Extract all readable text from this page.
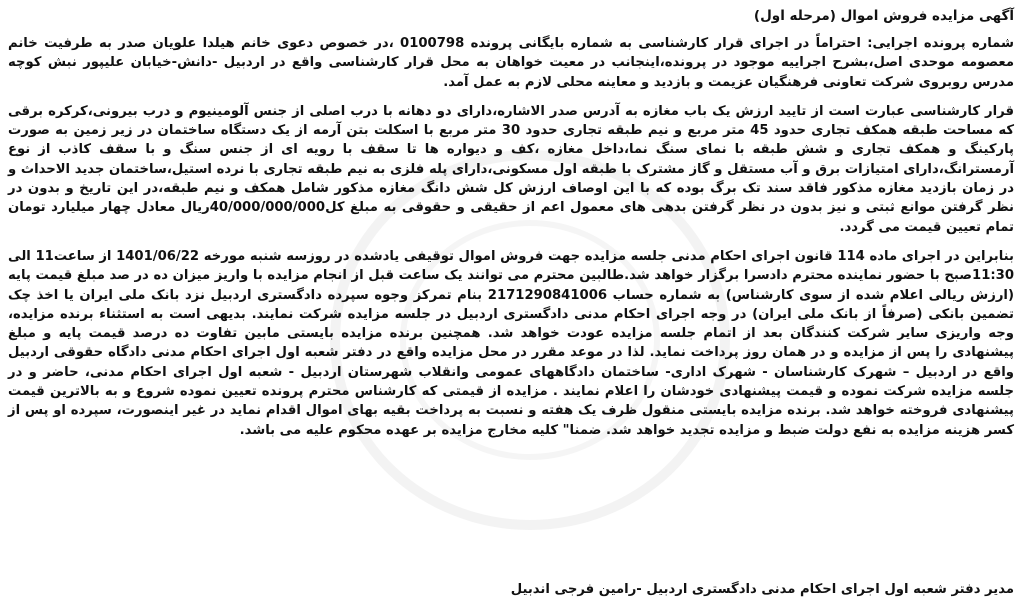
آگهی مزایده فروش اموال (مرحله اول)

شماره پرونده اجرایی: احتراماً در اجرای قرار کارشناسی به شماره بایگانی پرونده 0100798 ،در خصوص دعوی خانم هیلدا علویان صدر به طرفیت خانم معصومه موحدی اصل،بشرح اجراییه موجود در پرونده،اینجانب در معیت خواهان به محل قرار کارشناسی واقع در اردبیل -دانش-خیابان علیپور نبش کوچه مدرس روبروی شرکت تعاونی فرهنگیان عزیمت و بازدید و معاینه محلی لازم به عمل آمد.

قرار کارشناسی عبارت است از تایید ارزش یک باب مغازه به آدرس صدر الاشاره،دارای دو دهانه با درب اصلی از جنس آلومینیوم و درب بیرونی،کرکره برقی که مساحت طبقه همکف تجاری حدود 45 متر مربع و نیم طبقه تجاری حدود 30 متر مربع با اسکلت بتن آرمه از یک دستگاه ساختمان در زیر زمین به صورت پارکینگ و همکف تجاری و شش طبقه با نمای سنگ نما،داخل مغازه ،کف و دیواره ها تا سقف با رویه ای از جنس سنگ و با سقف کاذب از نوع آرمسترانگ،دارای امتیازات برق و آب مستقل و گاز مشترک با طبقه اول مسکونی،دارای پله فلزی به نیم طبقه تجاری با نرده استیل،ساختمان جدید الاحداث و در زمان بازدید مغازه مذکور فاقد سند تک برگ بوده که با این اوصاف ارزش کل شش دانگ مغازه مذکور شامل همکف و نیم طبقه،در این تاریخ و بدون در نظر گرفتن موانع ثبتی و نیز بدون در نظر گرفتن بدهی های معمول اعم از حقیقی و حقوقی به مبلغ کل40/000/000/000ریال معادل چهار میلیارد تومان تمام تعیین قیمت می گردد.

بنابراین در اجرای ماده 114 قانون اجرای احکام مدنی جلسه مزایده جهت فروش اموال توقیفی یادشده در روزسه شنبه مورخه 1401/06/22 از ساعت11 الی 11:30صبح با حضور نماینده محترم دادسرا برگزار خواهد شد.طالبین محترم می توانند یک ساعت قبل از انجام مزایده با واریز میزان ده در صد مبلغ قیمت پایه (ارزش ریالی اعلام شده از سوی کارشناس) به شماره حساب 2171290841006 بنام تمرکز وجوه سپرده دادگستری اردبیل نزد بانک ملی ایران یا اخذ چک تضمین بانکی (صرفاً از بانک ملی ایران) در وجه اجرای احکام مدنی دادگستری اردبیل در جلسه مزایده شرکت نمایند. بدیهی است به استثناء برنده مزایده، وجه واریزی سایر شرکت کنندگان بعد از اتمام جلسه مزایده عودت خواهد شد. همچنین برنده مزایده بایستی مابین تفاوت ده درصد قیمت پایه و مبلغ پیشنهادی را پس از مزایده و در همان روز پرداخت نماید. لذا در موعد مقرر در محل مزایده واقع در دفتر شعبه اول اجرای احکام مدنی دادگاه حقوقی اردبیل واقع در اردبیل – شهرک کارشناسان - شهرک اداری- ساختمان دادگاههای عمومی وانقلاب شهرستان اردبیل - شعبه اول اجرای احکام مدنی، حاضر و در جلسه مزایده شرکت نموده و قیمت پیشنهادی خودشان را اعلام نمایند . مزایده از قیمتی که کارشناس محترم پرونده تعیین نموده شروع و به بالاترین قیمت پیشنهادی فروخته خواهد شد. برنده مزایده بایستی منقول ظرف یک هفته و نسبت به پرداخت بقیه بهای اموال اقدام نماید در غیر اینصورت، سپرده او پس از کسر هزینه مزایده به نفع دولت ضبط و مزایده تجدید خواهد شد. ضمنا" کلیه مخارج مزایده بر عهده محکوم علیه می باشد.

مدیر دفتر شعبه اول اجرای احکام مدنی دادگستری اردبیل -رامین فرجی اندبیل
